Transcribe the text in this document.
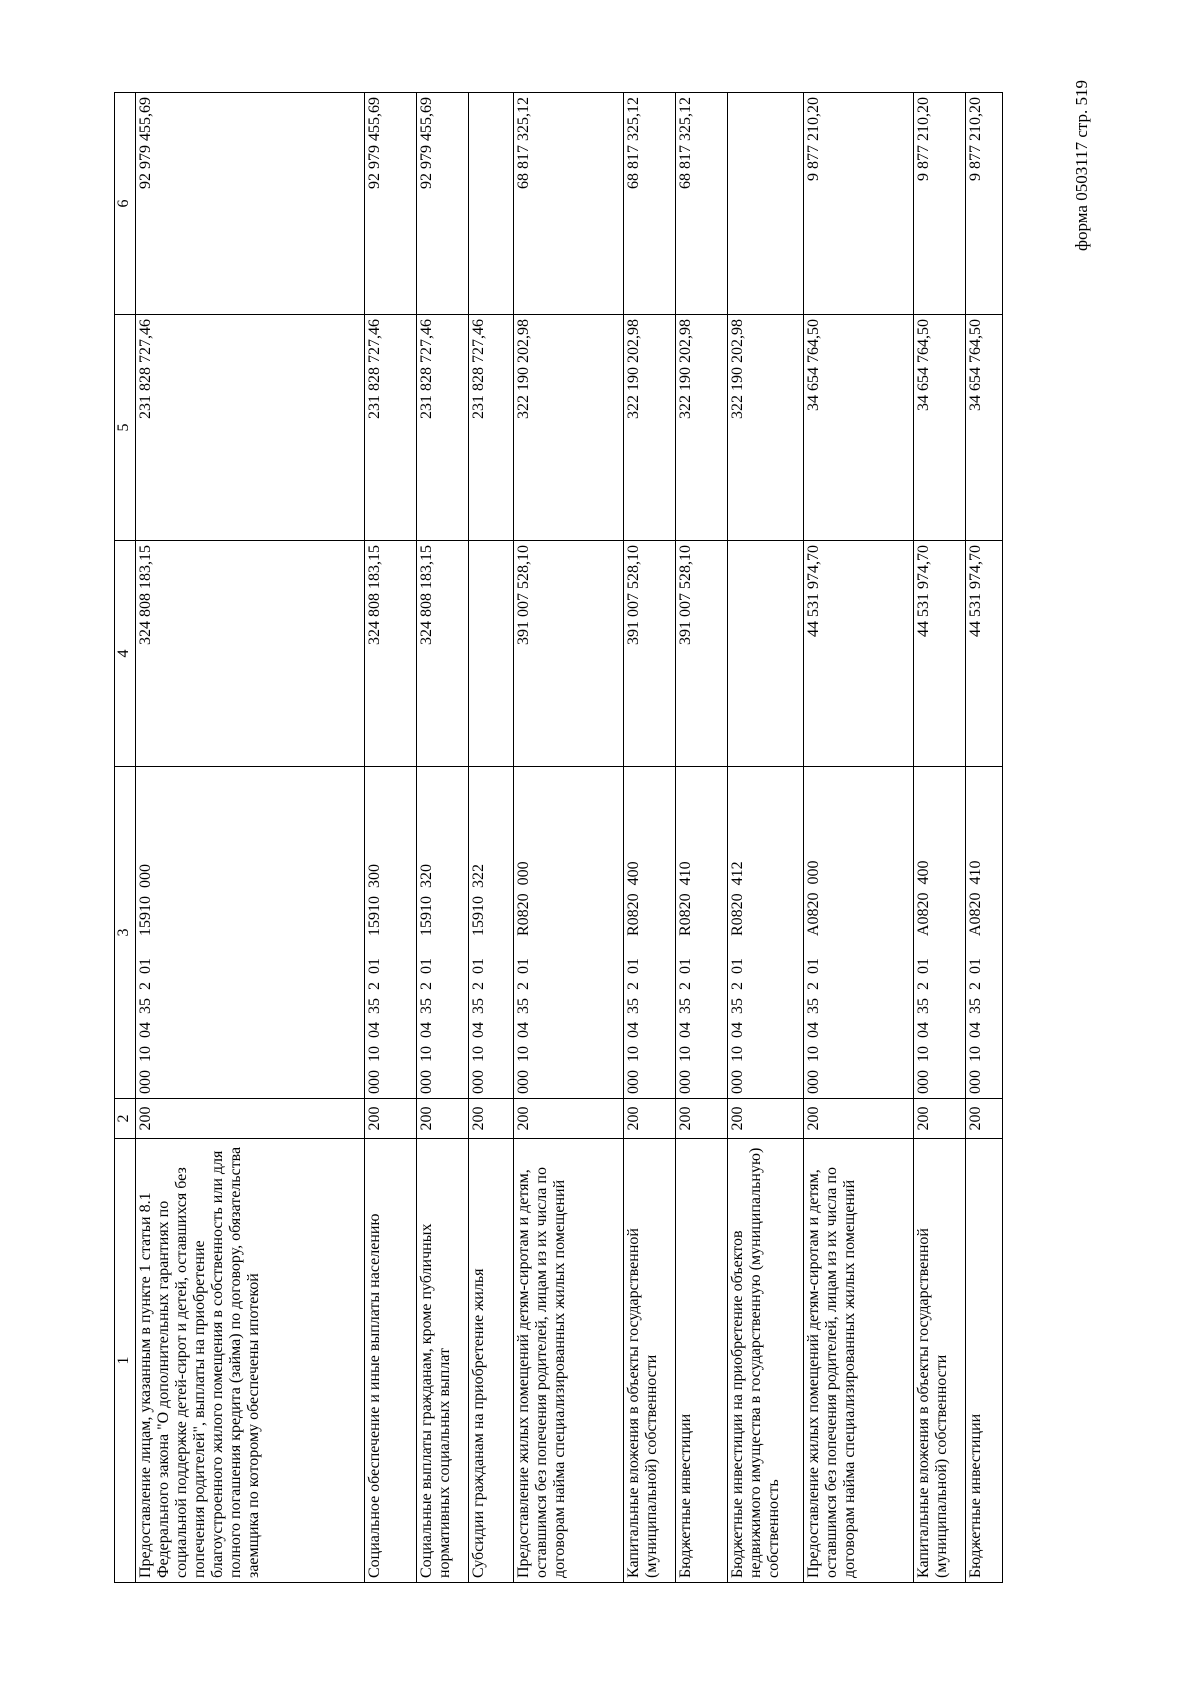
форма 0503117 стр. 519
1	2	3	4	5	6
Предоставление лицам, указанным в пункте 1 статьи 8.1 Федерального закона "О дополнительных гарантиях по социальной поддержке детей-сирот и детей, оставшихся без попечения родителей", выплаты на приобретение благоустроенного жилого помещения в собственность или для полного погашения кредита (займа) по договору, обязательства заемщика по которому обеспечены ипотекой	200	00010043520115910000	324 808 183,15	231 828 727,46	92 979 455,69
Социальное обеспечение и иные выплаты населению	200	00010043520115910300	324 808 183,15	231 828 727,46	92 979 455,69
Социальные выплаты гражданам, кроме публичных нормативных социальных выплат	200	00010043520115910320	324 808 183,15	231 828 727,46	92 979 455,69
Субсидии гражданам на приобретение жилья	200	00010043520115910322		231 828 727,46	
Предоставление жилых помещений детям-сиротам и детям, оставшимся без попечения родителей, лицам из их числа по договорам найма специализированных жилых помещений	200	000100435201R0820000	391 007 528,10	322 190 202,98	68 817 325,12
Капитальные вложения в объекты государственной (муниципальной) собственности	200	000100435201R0820400	391 007 528,10	322 190 202,98	68 817 325,12
Бюджетные инвестиции	200	000100435201R0820410	391 007 528,10	322 190 202,98	68 817 325,12
Бюджетные инвестиции на приобретение объектов недвижимого имущества в государственную (муниципальную) собственность	200	000100435201R0820412		322 190 202,98	
Предоставление жилых помещений детям-сиротам и детям, оставшимся без попечения родителей, лицам из их числа по договорам найма специализированных жилых помещений	200	000100435201A0820000	44 531 974,70	34 654 764,50	9 877 210,20
Капитальные вложения в объекты государственной (муниципальной) собственности	200	000100435201A0820400	44 531 974,70	34 654 764,50	9 877 210,20
Бюджетные инвестиции	200	000100435201A0820410	44 531 974,70	34 654 764,50	9 877 210,20
